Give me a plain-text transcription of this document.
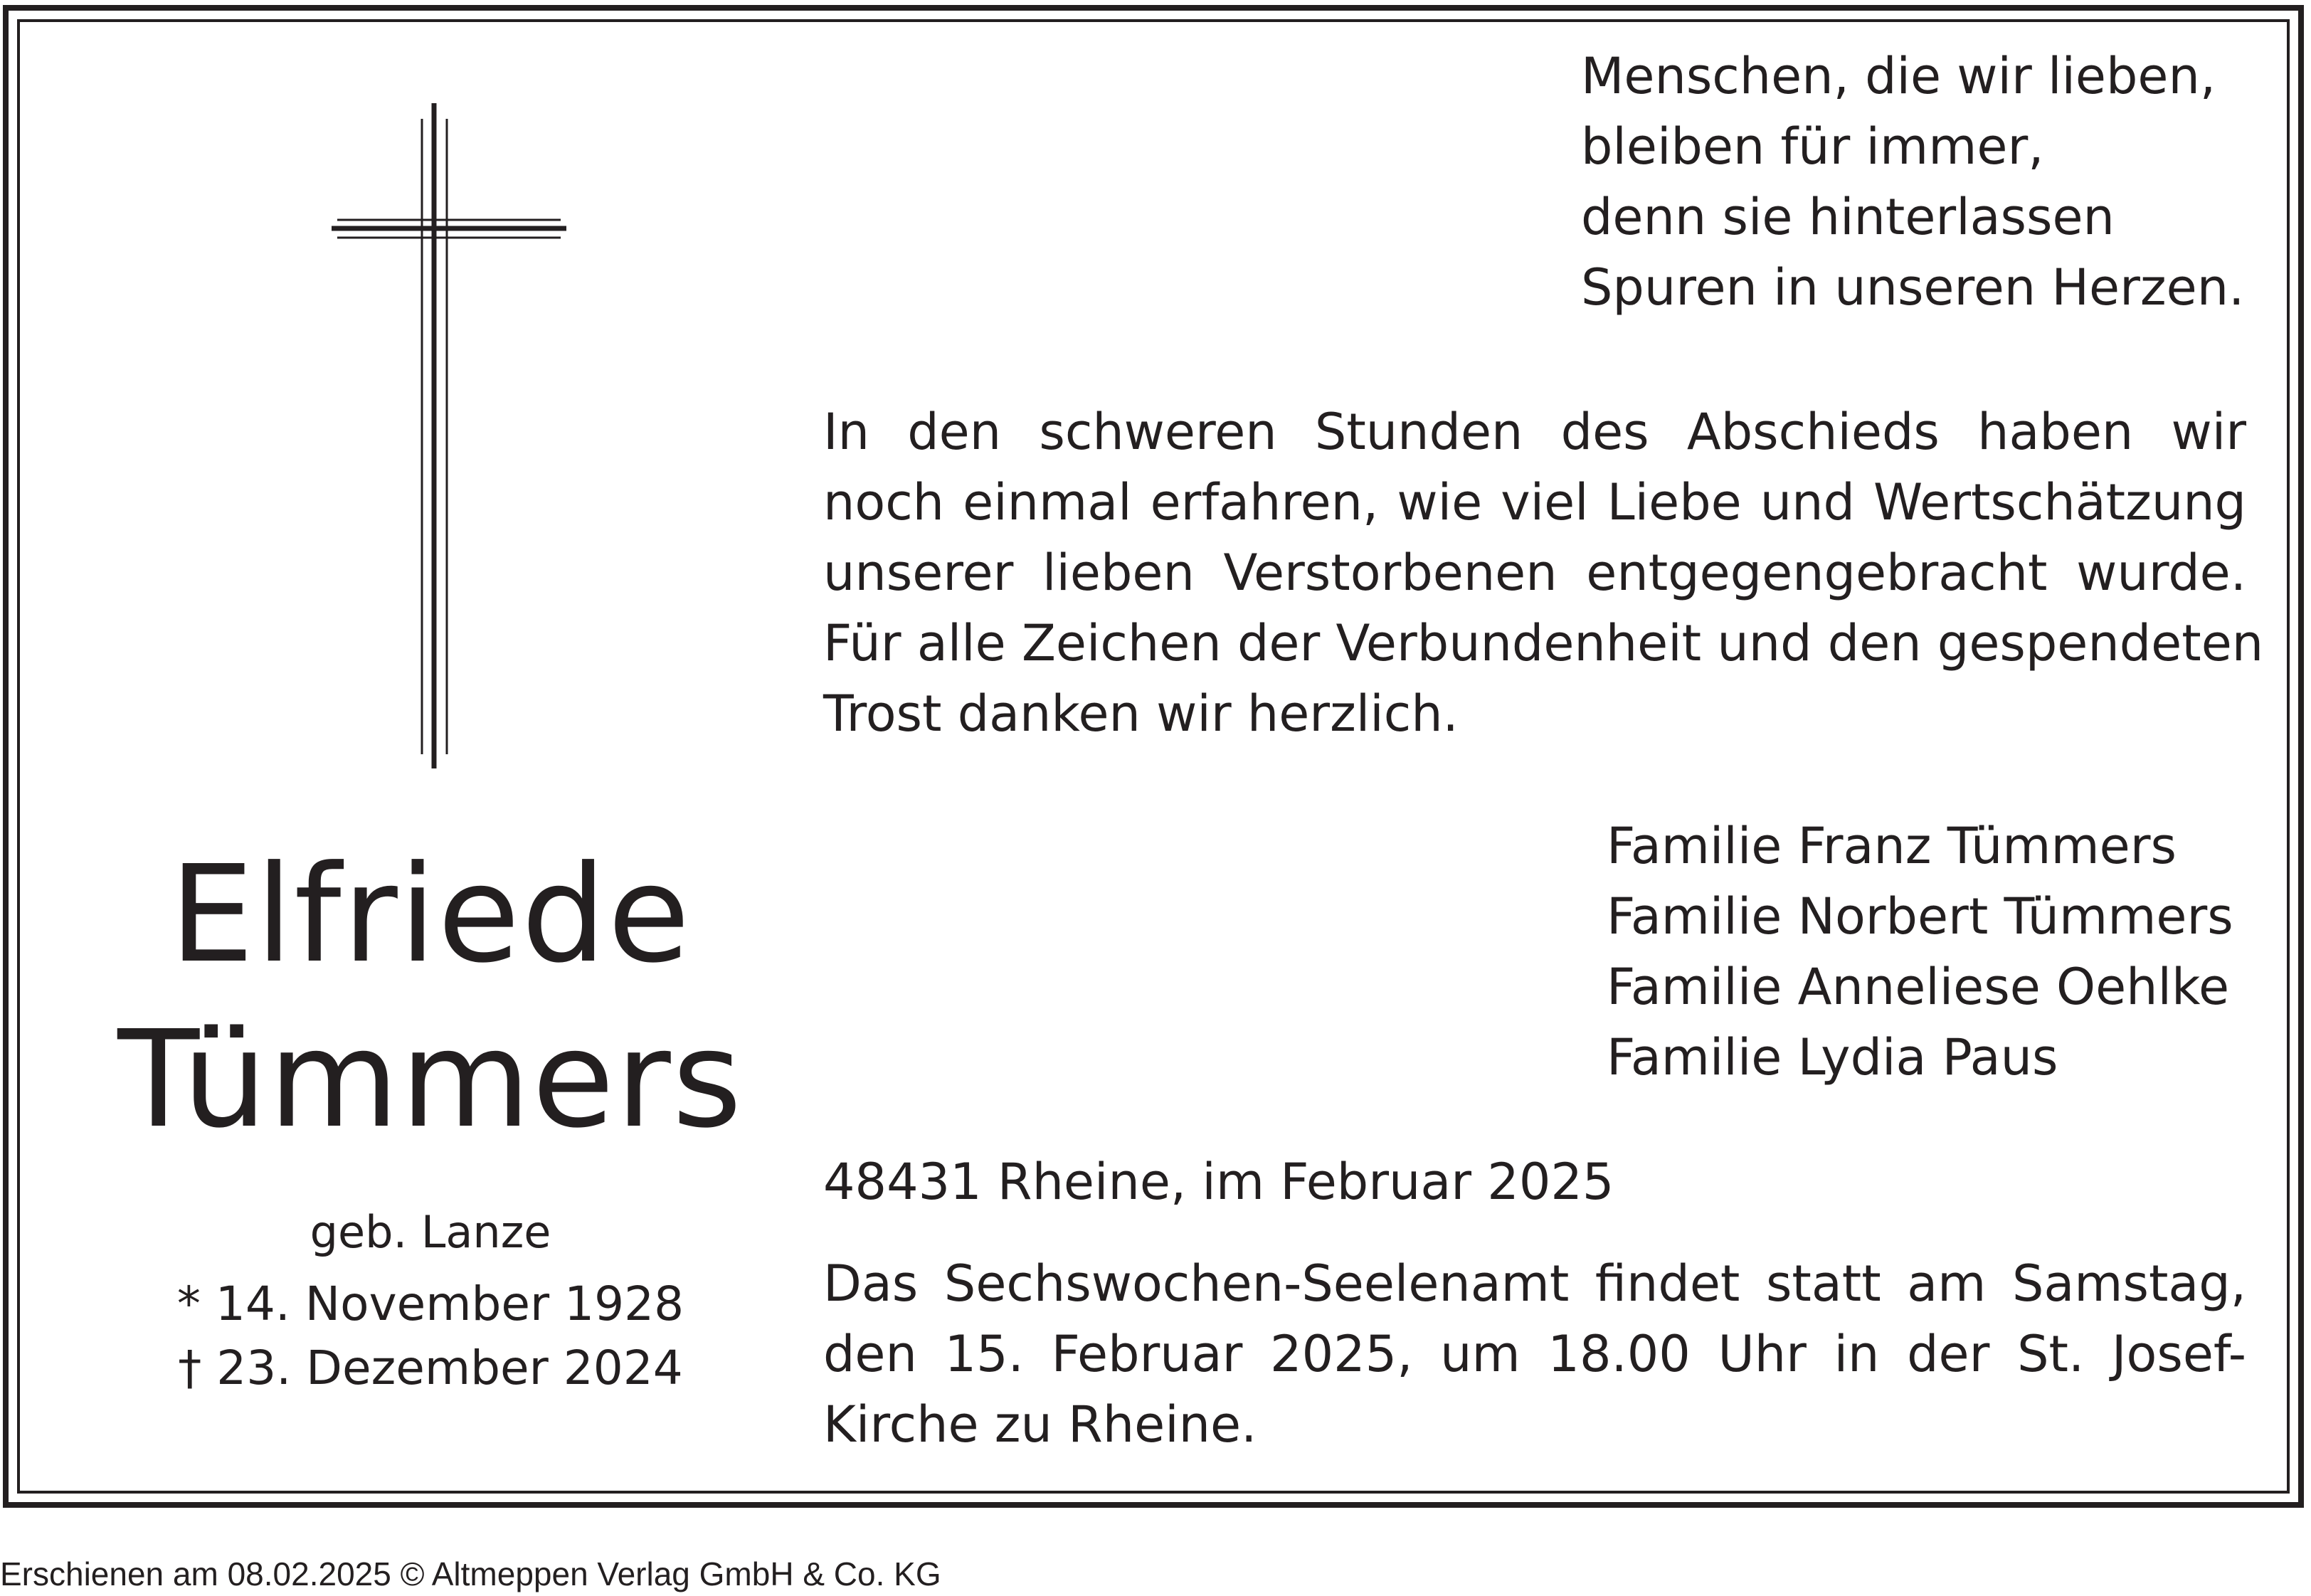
Elfriede
Tümmers
geb. Lanze
* 14. November 1928
† 23. Dezember 2024
Menschen, die wir lieben,
bleiben für immer,
denn sie hinterlassen
Spuren in unseren Herzen.
In den schweren Stunden des Abschieds haben wir
noch einmal erfahren, wie viel Liebe und Wertschätzung
unserer lieben Verstorbenen entgegengebracht wurde.
Für alle Zeichen der Verbundenheit und den gespendeten
Trost danken wir herzlich.
Familie Franz Tümmers
Familie Norbert Tümmers
Familie Anneliese Oehlke
Familie Lydia Paus
48431 Rheine, im Februar 2025
Das Sechswochen-Seelenamt findet statt am Samstag,
den 15. Februar 2025, um 18.00 Uhr in der St. Josef-
Kirche zu Rheine.
Erschienen am 08.02.2025 © Altmeppen Verlag GmbH & Co. KG
